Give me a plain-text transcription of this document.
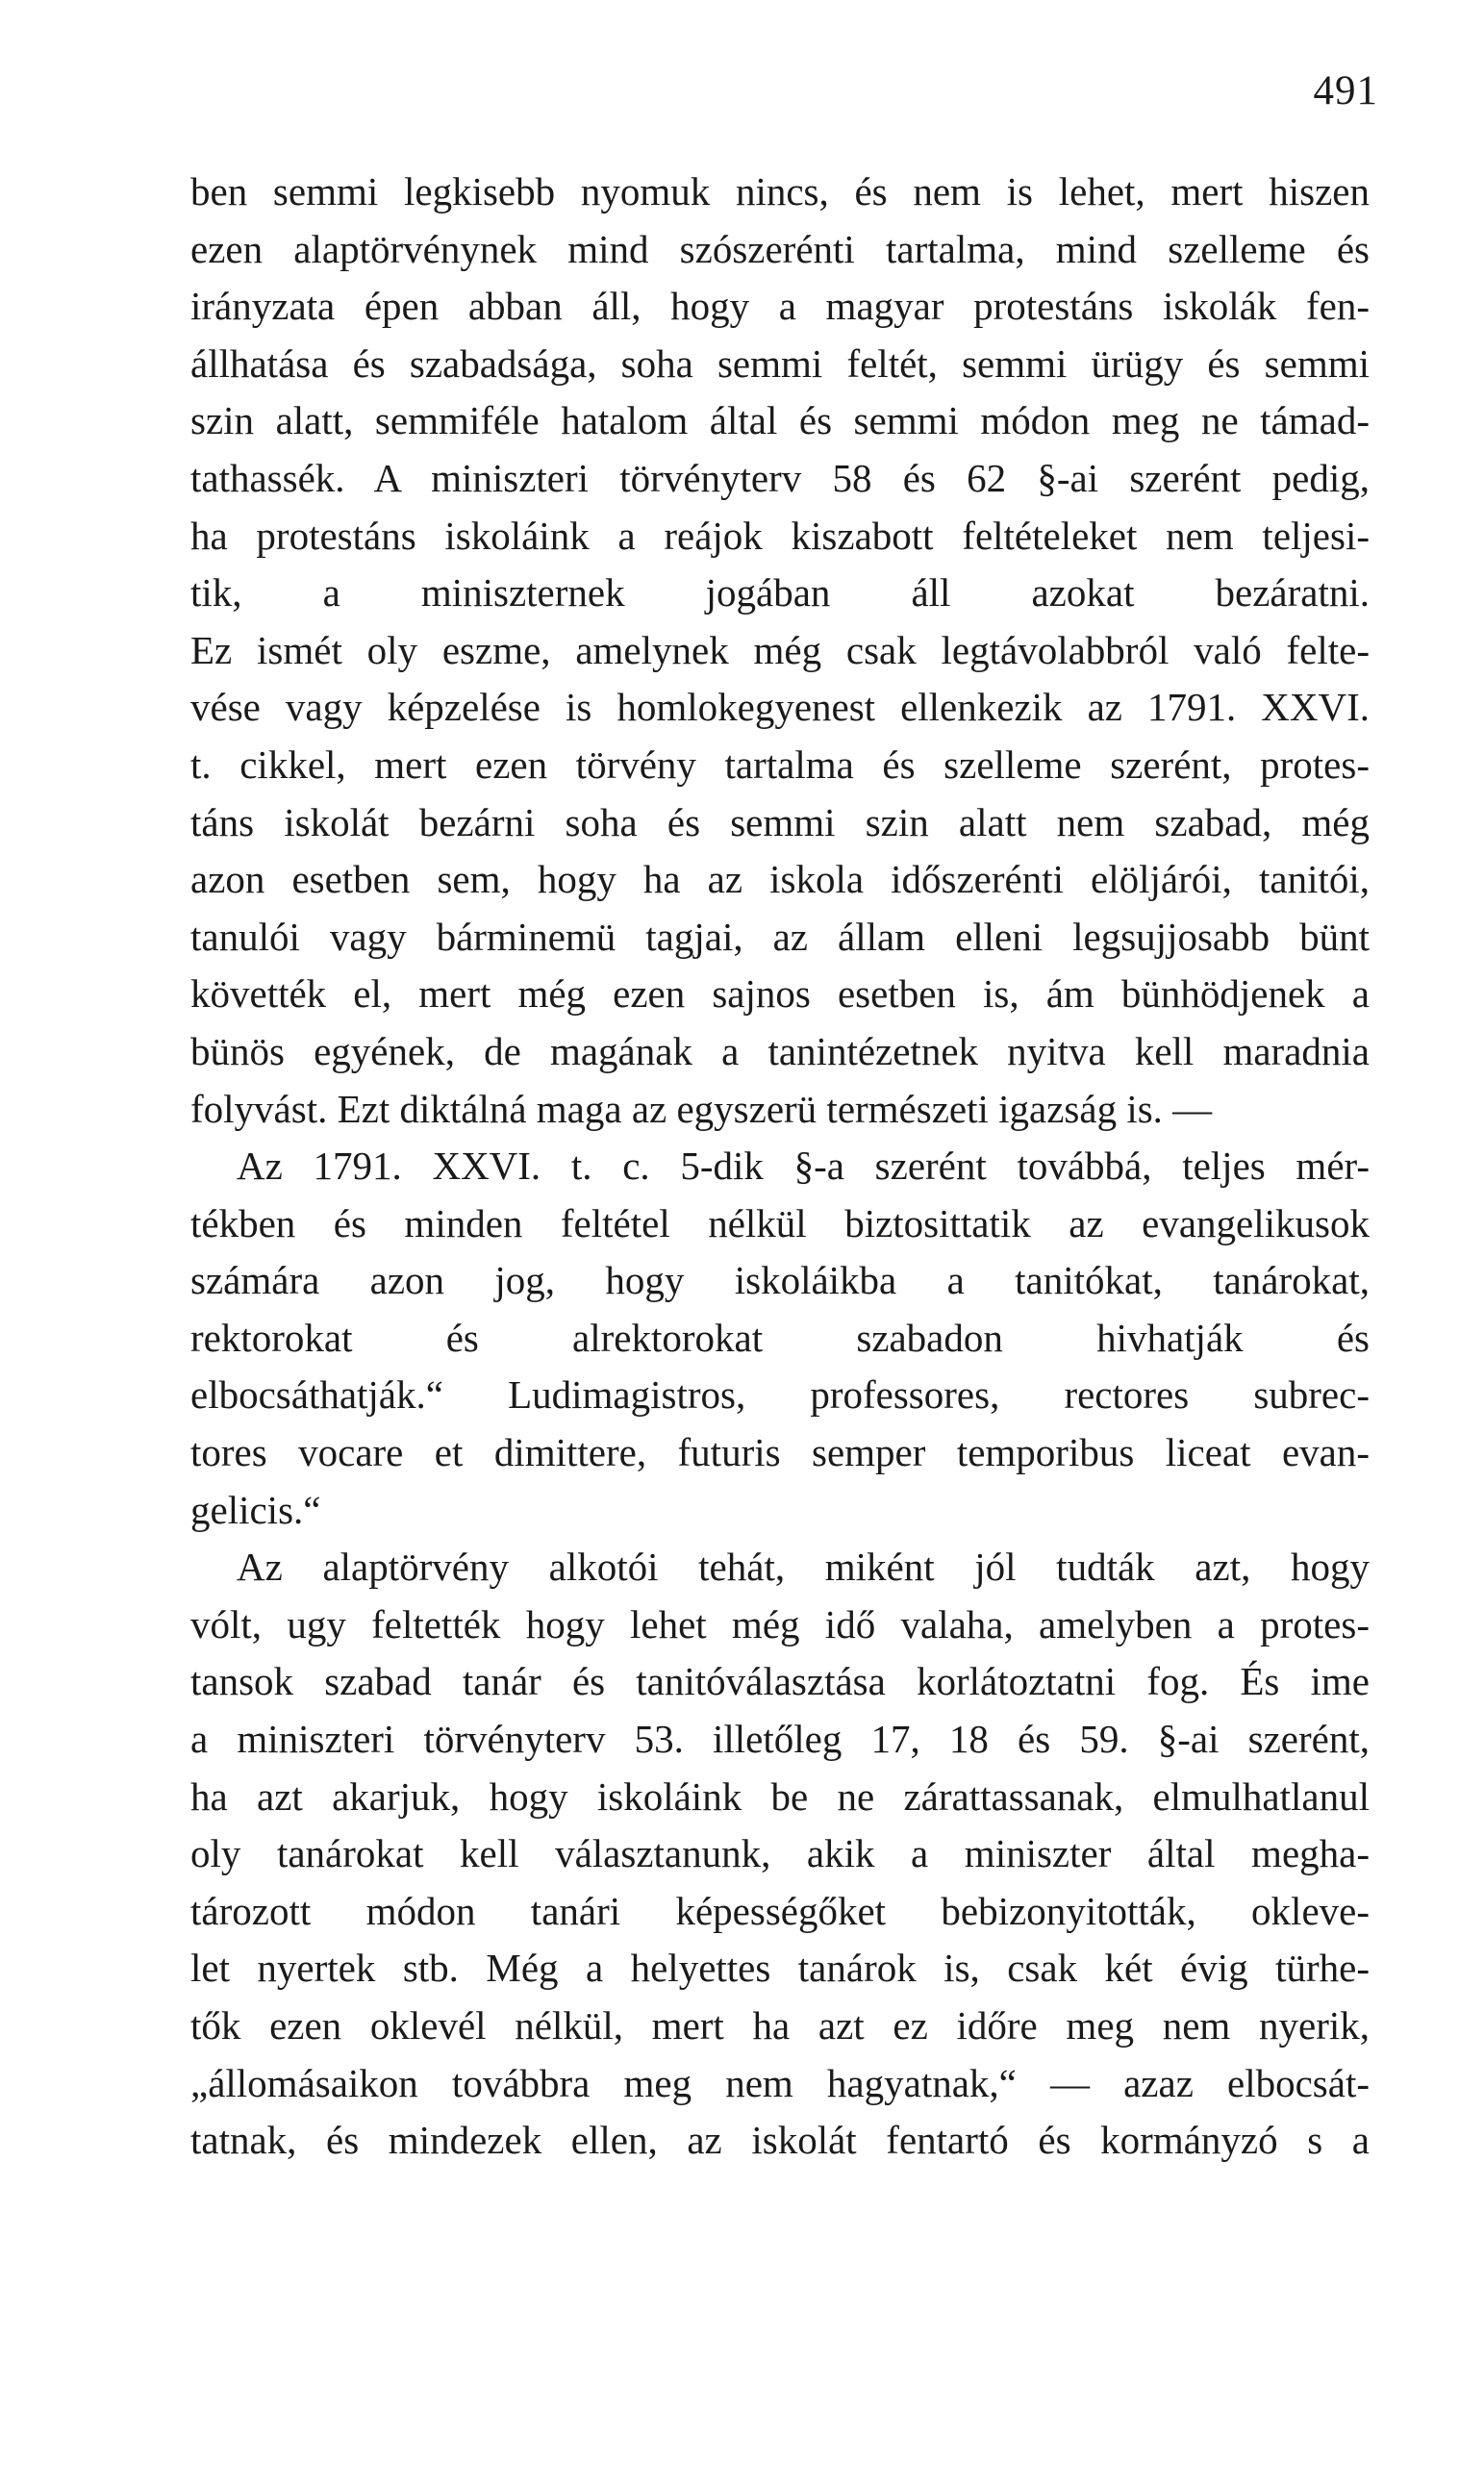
491
ben semmi legkisebb nyomuk nincs, és nem is lehet, mert hiszen
ezen alaptörvénynek mind szószerénti tartalma, mind szelleme és
irányzata épen abban áll, hogy a magyar protestáns iskolák fen-
állhatása és szabadsága, soha semmi feltét, semmi ürügy és semmi
szin alatt, semmiféle hatalom által és semmi módon meg ne támad-
tathassék. A miniszteri törvényterv 58 és 62 §-ai szerént pedig,
ha protestáns iskoláink a reájok kiszabott feltételeket nem teljesi-
tik, a miniszternek jogában áll azokat bezáratni.
Ez ismét oly eszme, amelynek még csak legtávolabbról való felte-
vése vagy képzelése is homlokegyenest ellenkezik az 1791. XXVI.
t. cikkel, mert ezen törvény tartalma és szelleme szerént, protes-
táns iskolát bezárni soha és semmi szin alatt nem szabad, még
azon esetben sem, hogy ha az iskola időszerénti elöljárói, tanitói,
tanulói vagy bárminemü tagjai, az állam elleni legsujjosabb bünt
követték el, mert még ezen sajnos esetben is, ám bünhödjenek a
bünös egyének, de magának a tanintézetnek nyitva kell maradnia
folyvást. Ezt diktálná maga az egyszerü természeti igazság is. —
Az 1791. XXVI. t. c. 5-dik §-a szerént továbbá, teljes mér-
tékben és minden feltétel nélkül biztosittatik az evangelikusok
számára azon jog, hogy iskoláikba a tanitókat, tanárokat,
rektorokat és alrektorokat szabadon hivhatják és
elbocsáthatják.“ Ludimagistros, professores, rectores subrec-
tores vocare et dimittere, futuris semper temporibus liceat evan-
gelicis.“
Az alaptörvény alkotói tehát, miként jól tudták azt, hogy
vólt, ugy feltették hogy lehet még idő valaha, amelyben a protes-
tansok szabad tanár és tanitóválasztása korlátoztatni fog. És ime
a miniszteri törvényterv 53. illetőleg 17, 18 és 59. §-ai szerént,
ha azt akarjuk, hogy iskoláink be ne zárattassanak, elmulhatlanul
oly tanárokat kell választanunk, akik a miniszter által megha-
tározott módon tanári képességőket bebizonyitották, okleve-
let nyertek stb. Még a helyettes tanárok is, csak két évig türhe-
tők ezen oklevél nélkül, mert ha azt ez időre meg nem nyerik,
„állomásaikon továbbra meg nem hagyatnak,“ — azaz elbocsát-
tatnak, és mindezek ellen, az iskolát fentartó és kormányzó s a
